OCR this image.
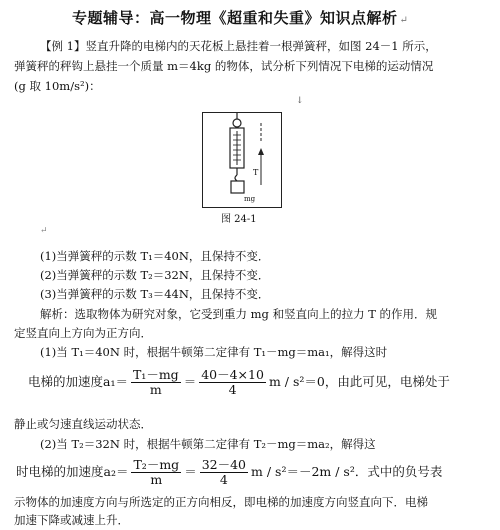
专题辅导：高一物理《超重和失重》知识点解析 ↵
【例 1】竖直升降的电梯内的天花板上悬挂着一根弹簧秤，如图 24－1 所示，
弹簧秤的秤钩上悬挂一个质量 m＝4kg 的物体，试分析下列情况下电梯的运动情况
(g 取 10m/s²)：
↓
T
mg
图 24-1
↵
(1)当弹簧秤的示数 T₁＝40N，且保持不变．
(2)当弹簧秤的示数 T₂＝32N，且保持不变．
(3)当弹簧秤的示数 T₃＝44N，且保持不变．
解析：选取物体为研究对象，它受到重力 mg 和竖直向上的拉力 T 的作用．规
定竖直向上方向为正方向．
(1)当 T₁＝40N 时，根据牛顿第二定律有 T₁－mg＝ma₁，解得这时
电梯的加速度$a_1= \frac{\text{T₁－mg}}{m} = \frac{40-4\times 10}{4}$ m / s²＝0，由此可见，电梯处于
静止或匀速直线运动状态．
(2)当 T₂＝32N 时，根据牛顿第二定律有 T₂－mg＝ma₂，解得这
时电梯的加速度$a_2= \frac{\text{T₂－mg}}{m} = \frac{32-40}{4}$ m / s²＝－2m / s²．式中的负号表
示物体的加速度方向与所选定的正方向相反，即电梯的加速度方向竖直向下．电梯
加速下降或减速上升．
